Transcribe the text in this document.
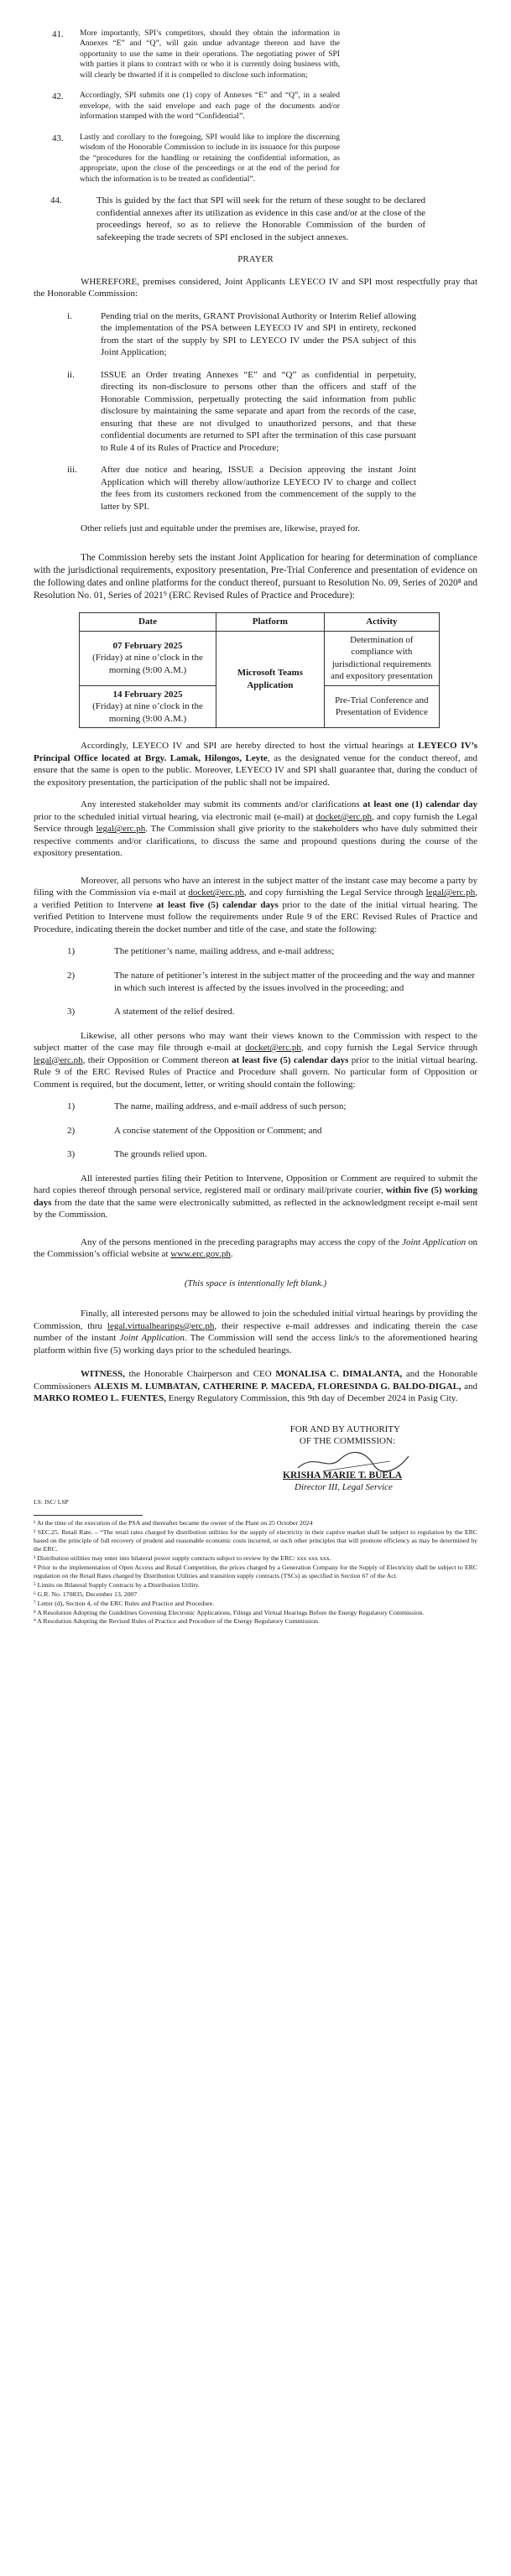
41.	More importantly, SPI’s competitors, should they obtain the information in Annexes “E” and “Q”, will gain undue advantage thereon and have the opportunity to use the same in their operations. The negotiating power of SPI with parties it plans to contract with or who it is currently doing business with, will clearly be thwarted if it is compelled to disclose such information;

42.	Accordingly, SPI submits one (1) copy of Annexes “E” and “Q”, in a sealed envelope, with the said envelope and each page of the documents and/or information stamped with the word “Confidential”.

43.	Lastly and corollary to the foregoing, SPI would like to implore the discerning wisdom of the Honorable Commission to include in its issuance for this purpose the “procedures for the handling or retaining the confidential information, as appropriate, upon the close of the proceedings or at the end of the period for which the information is to be treated as confidential”.

44.	This is guided by the fact that SPI will seek for the return of these sought to be declared confidential annexes after its utilization as evidence in this case and/or at the close of the proceedings hereof, so as to relieve the Honorable Commission of the burden of safekeeping the trade secrets of SPI enclosed in the subject annexes.

PRAYER

WHEREFORE, premises considered, Joint Applicants LEYECO IV and SPI most respectfully pray that the Honorable Commission:

i.	Pending trial on the merits, GRANT Provisional Authority or Interim Relief allowing the implementation of the PSA between LEYECO IV and SPI in entirety, reckoned from the start of the supply by SPI to LEYECO IV under the PSA subject of this Joint Application;

ii.	ISSUE an Order treating Annexes “E” and “Q” as confidential in perpetuity, directing its non-disclosure to persons other than the officers and staff of the Honorable Commission, perpetually protecting the said information from public disclosure by maintaining the same separate and apart from the records of the case, ensuring that these are not divulged to unauthorized persons, and that these confidential documents are returned to SPI after the termination of this case pursuant to Rule 4 of its Rules of Practice and Procedure;

iii.	After due notice and hearing, ISSUE a Decision approving the instant Joint Application which will thereby allow/authorize LEYECO IV to charge and collect the fees from its customers reckoned from the commencement of the supply to the latter by SPI.

Other reliefs just and equitable under the premises are, likewise, prayed for.

The Commission hereby sets the instant Joint Application for hearing for determination of compliance with the jurisdictional requirements, expository presentation, Pre-Trial Conference and presentation of evidence on the following dates and online platforms for the conduct thereof, pursuant to Resolution No. 09, Series of 2020⁸ and Resolution No. 01, Series of 2021⁹ (ERC Revised Rules of Practice and Procedure):

Date	Platform	Activity
07 February 2025
(Friday) at nine o’clock in the morning (9:00 A.M.)	Microsoft Teams Application	Determination of compliance with jurisdictional requirements and expository presentation
14 February 2025
(Friday) at nine o’clock in the morning (9:00 A.M.)		Pre-Trial Conference and Presentation of Evidence

Accordingly, LEYECO IV and SPI are hereby directed to host the virtual hearings at LEYECO IV’s Principal Office located at Brgy. Lamak, Hilongos, Leyte, as the designated venue for the conduct thereof, and ensure that the same is open to the public. Moreover, LEYECO IV and SPI shall guarantee that, during the conduct of the expository presentation, the participation of the public shall not be impaired.

Any interested stakeholder may submit its comments and/or clarifications at least one (1) calendar day prior to the scheduled initial virtual hearing, via electronic mail (e-mail) at docket@erc.ph, and copy furnish the Legal Service through legal@erc.ph. The Commission shall give priority to the stakeholders who have duly submitted their respective comments and/or clarifications, to discuss the same and propound questions during the course of the expository presentation.

Moreover, all persons who have an interest in the subject matter of the instant case may become a party by filing with the Commission via e-mail at docket@erc.ph, and copy furnishing the Legal Service through legal@erc.ph, a verified Petition to Intervene at least five (5) calendar days prior to the date of the initial virtual hearing. The verified Petition to Intervene must follow the requirements under Rule 9 of the ERC Revised Rules of Practice and Procedure, indicating therein the docket number and title of the case, and state the following:

1)	The petitioner’s name, mailing address, and e-mail address;

2)	The nature of petitioner’s interest in the subject matter of the proceeding and the way and manner in which such interest is affected by the issues involved in the proceeding; and

3)	A statement of the relief desired.

Likewise, all other persons who may want their views known to the Commission with respect to the subject matter of the case may file through e-mail at docket@erc.ph, and copy furnish the Legal Service through legal@erc.ph, their Opposition or Comment thereon at least five (5) calendar days prior to the initial virtual hearing. Rule 9 of the ERC Revised Rules of Practice and Procedure shall govern. No particular form of Opposition or Comment is required, but the document, letter, or writing should contain the following:

1)	The name, mailing address, and e-mail address of such person;

2)	A concise statement of the Opposition or Comment; and

3)	The grounds relied upon.

All interested parties filing their Petition to Intervene, Opposition or Comment are required to submit the hard copies thereof through personal service, registered mail or ordinary mail/private courier, within five (5) working days from the date that the same were electronically submitted, as reflected in the acknowledgment receipt e-mail sent by the Commission.

Any of the persons mentioned in the preceding paragraphs may access the copy of the Joint Application on the Commission’s official website at www.erc.gov.ph.

(This space is intentionally left blank.)

Finally, all interested persons may be allowed to join the scheduled initial virtual hearings by providing the Commission, thru legal.virtualhearings@erc.ph, their respective e-mail addresses and indicating therein the case number of the instant Joint Application. The Commission will send the access link/s to the aforementioned hearing platform within five (5) working days prior to the scheduled hearings.

WITNESS, the Honorable Chairperson and CEO MONALISA C. DIMALANTA, and the Honorable Commissioners ALEXIS M. LUMBATAN, CATHERINE P. MACEDA, FLORESINDA G. BALDO-DIGAL, and MARKO ROMEO L. FUENTES, Energy Regulatory Commission, this 9th day of December 2024 in Pasig City.

FOR AND BY AUTHORITY

OF THE COMMISSION:

KRISHA MARIE T. BUELA

Director III, Legal Service

LS: JSC/ LSP

¹ At the time of the execution of the PSA and thereafter became the owner of the Plant on 25 October 2024

² SEC.25. Retail Rate. – “The retail rates charged by distribution utilities for the supply of electricity in their captive market shall be subject to regulation by the ERC based on the principle of full recovery of prudent and reasonable economic costs incurred, or such other principles that will promote efficiency as may be determined by the ERC.

³ Distribution utilities may enter into bilateral power supply contracts subject to review by the ERC: xxx xxx xxx.

⁴ Prior to the implementation of Open Access and Retail Competition, the prices charged by a Generation Company for the Supply of Electricity shall be subject to ERC regulation on the Retail Rates charged by Distribution Utilities and transition supply contracts (TSCs) as specified in Section 67 of the Act.

⁵ Limits on Bilateral Supply Contracts by a Distribution Utility.

⁶ G.R. No. 170835, December 13, 2007

⁷ Letter (d), Section 4, of the ERC Rules and Practice and Procedure.

⁸ A Resolution Adopting the Guidelines Governing Electronic Applications, Filings and Virtual Hearings Before the Energy Regulatory Commission.

⁹ A Resolution Adopting the Revised Rules of Practice and Procedure of the Energy Regulatory Commission.
